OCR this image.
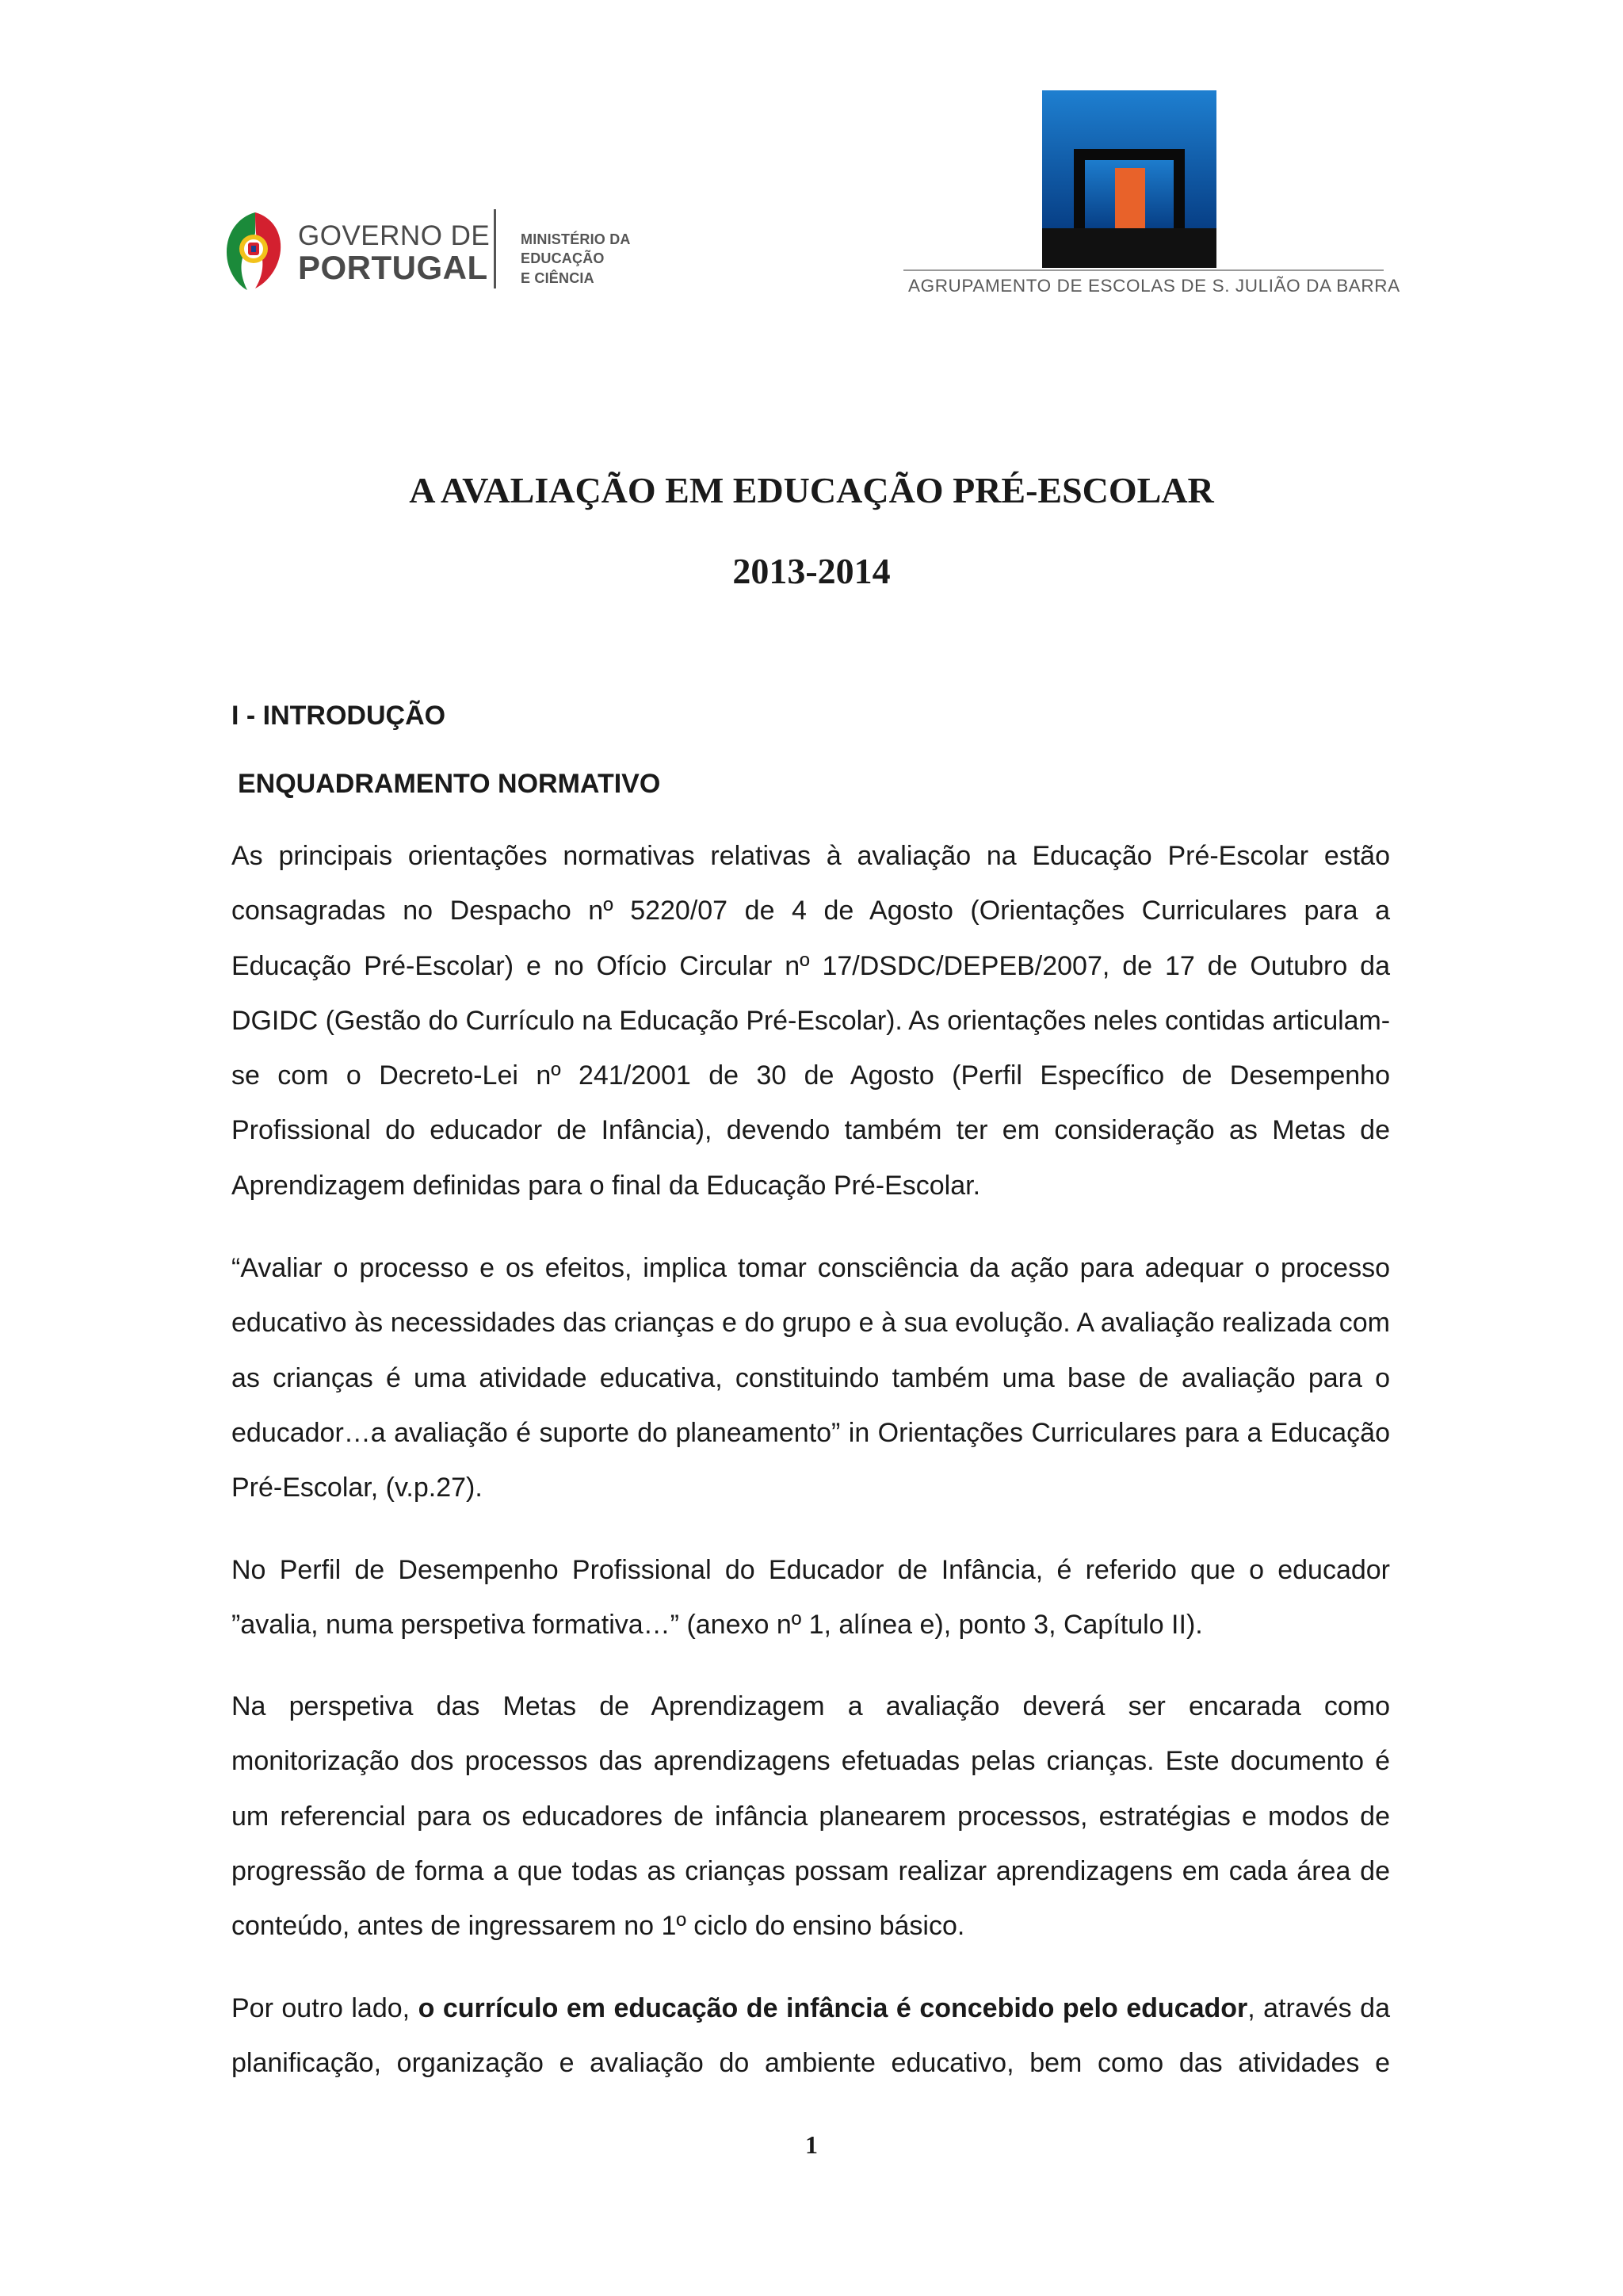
GOVERNO DE
PORTUGAL
MINISTÉRIO DA EDUCAÇÃO
E CIÊNCIA	AGRUPAMENTO DE ESCOLAS DE S. JULIÃO DA BARRA
A AVALIAÇÃO EM EDUCAÇÃO PRÉ-ESCOLAR
2013-2014
I - INTRODUÇÃO
ENQUADRAMENTO NORMATIVO
As principais orientações normativas relativas à avaliação na Educação Pré-Escolar estão
consagradas no Despacho nº 5220/07 de 4 de Agosto (Orientações Curriculares para a
Educação Pré-Escolar) e no Ofício Circular nº 17/DSDC/DEPEB/2007, de 17 de Outubro da
DGIDC (Gestão do Currículo na Educação Pré-Escolar). As orientações neles contidas articulam-
se com o Decreto-Lei nº 241/2001 de 30 de Agosto (Perfil Específico de Desempenho
Profissional do educador de Infância), devendo também ter em consideração as Metas de
Aprendizagem definidas para o final da Educação Pré-Escolar.
“Avaliar o processo e os efeitos, implica tomar consciência da ação para adequar o processo
educativo às necessidades das crianças e do grupo e à sua evolução. A avaliação realizada com
as crianças é uma atividade educativa, constituindo também uma base de avaliação para o
educador…a avaliação é suporte do planeamento” in Orientações Curriculares para a Educação
Pré-Escolar, (v.p.27).
No Perfil de Desempenho Profissional do Educador de Infância, é referido que o educador
”avalia, numa perspetiva formativa…” (anexo nº 1, alínea e), ponto 3, Capítulo II).
Na perspetiva das Metas de Aprendizagem a avaliação deverá ser encarada como
monitorização dos processos das aprendizagens efetuadas pelas crianças. Este documento é
um referencial para os educadores de infância planearem processos, estratégias e modos de
progressão de forma a que todas as crianças possam realizar aprendizagens em cada área de
conteúdo, antes de ingressarem no 1º ciclo do ensino básico.
Por outro lado, o currículo em educação de infância é concebido pelo educador, através da
planificação, organização e avaliação do ambiente educativo, bem como das atividades e

1
